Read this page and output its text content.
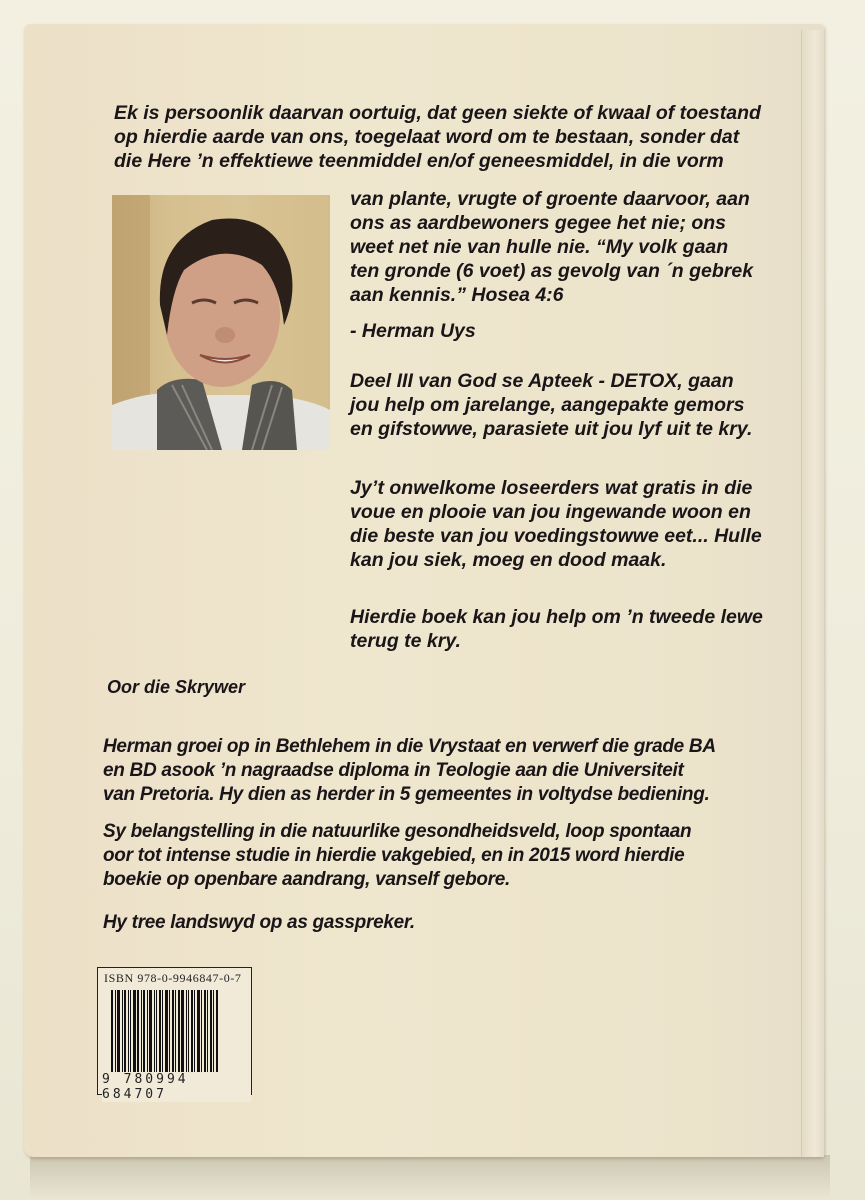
Ek is persoonlik daarvan oortuig, dat geen siekte of kwaal of toestand

op hierdie aarde van ons, toegelaat word om te bestaan, sonder dat

die Here ’n effektiewe teenmiddel en/of geneesmiddel, in die vorm

van plante, vrugte of groente daarvoor, aan

ons as aardbewoners gegee het nie; ons

weet net nie van hulle nie. “My volk gaan

ten gronde (6 voet) as gevolg van ´n gebrek

aan kennis.” Hosea 4:6

- Herman Uys

Deel III van God se Apteek - DETOX, gaan

jou help om jarelange, aangepakte gemors

en gifstowwe, parasiete uit jou lyf uit te kry.

Jy’t onwelkome loseerders wat gratis in die

voue en plooie van jou ingewande woon en

die beste van jou voedingstowwe eet... Hulle

kan jou siek, moeg en dood maak.

Hierdie boek kan jou help om ’n tweede lewe

terug te kry.

Oor die Skrywer

Herman groei op in Bethlehem in die Vrystaat en verwerf die grade BA

en BD asook ’n nagraadse diploma in Teologie aan die Universiteit

van Pretoria. Hy dien as herder in 5 gemeentes in voltydse bediening.

Sy belangstelling in die natuurlike gesondheidsveld, loop spontaan

oor tot intense studie in hierdie vakgebied, en in 2015 word hierdie

boekie op openbare aandrang, vanself gebore.

Hy tree landswyd op as gasspreker.
ISBN 978-0-9946847-0-7
9 780994 684707
